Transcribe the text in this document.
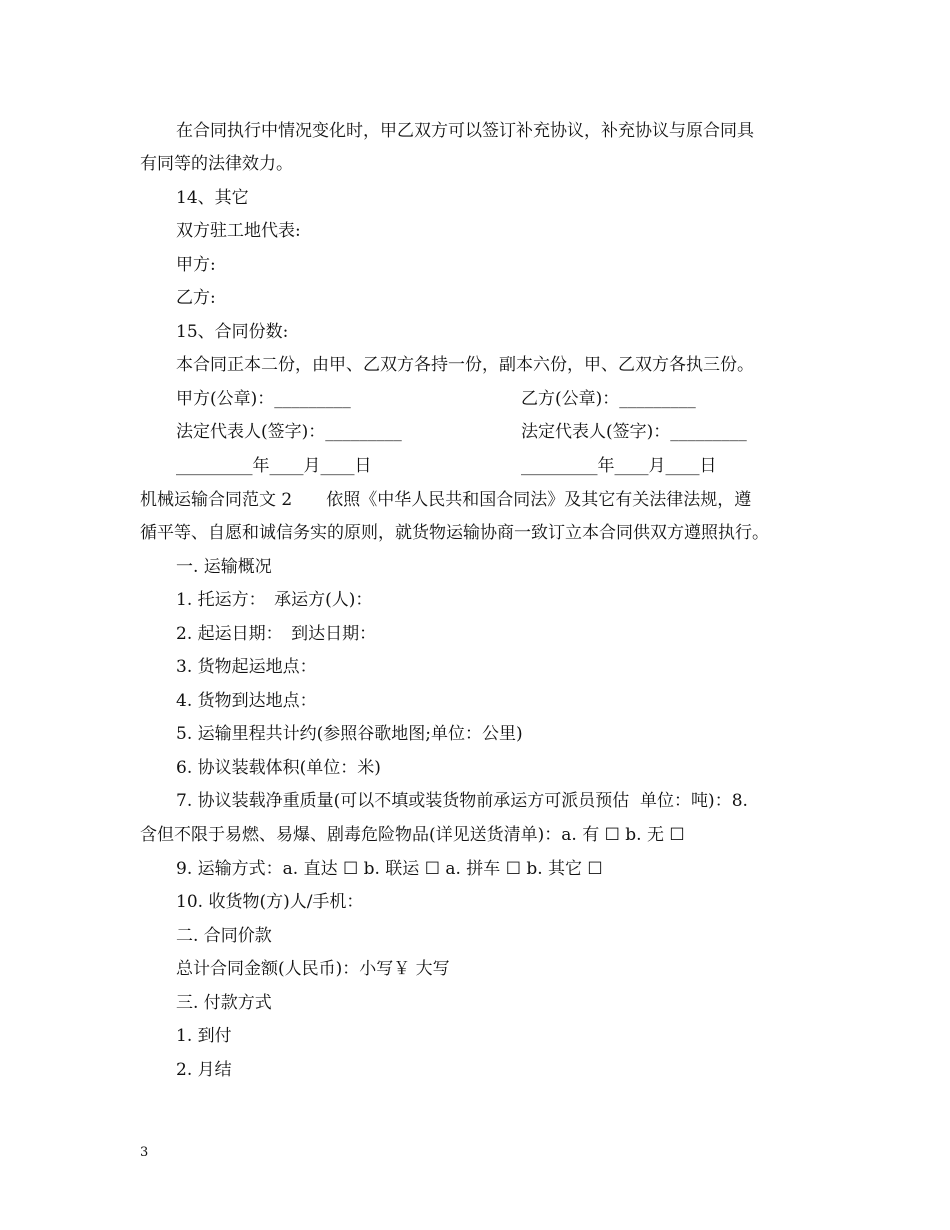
在合同执行中情况变化时，甲乙双方可以签订补充协议，补充协议与原合同具
有同等的法律效力。
14、其它
双方驻工地代表:
甲方:
乙方:
15、合同份数:
本合同正本二份，由甲、乙双方各持一份，副本六份，甲、乙双方各执三份。
甲方(公章)：_________	乙方(公章)：_________
法定代表人(签字)：_________	法定代表人(签字)：_________
_________年____月____日	_________年____月____日
机械运输合同范文 2　　依照《中华人民共和国合同法》及其它有关法律法规，遵
循平等、自愿和诚信务实的原则，就货物运输协商一致订立本合同供双方遵照执行。
一. 运输概况
1. 托运方：　承运方(人)：
2. 起运日期：　到达日期：
3. 货物起运地点：
4. 货物到达地点：
5. 运输里程共计约(参照谷歌地图;单位：公里)
6. 协议装载体积(单位：米)
7. 协议装载净重质量(可以不填或装货物前承运方可派员预估  单位：吨)：8.
含但不限于易燃、易爆、剧毒危险物品(详见送货清单)：a. 有 ☐ b. 无 ☐
9. 运输方式：a. 直达 ☐ b. 联运 ☐ a. 拼车 ☐ b. 其它 ☐
10. 收货物(方)人/手机：
二. 合同价款
总计合同金额(人民币)：小写￥ 大写
三. 付款方式
1. 到付
2. 月结
3
